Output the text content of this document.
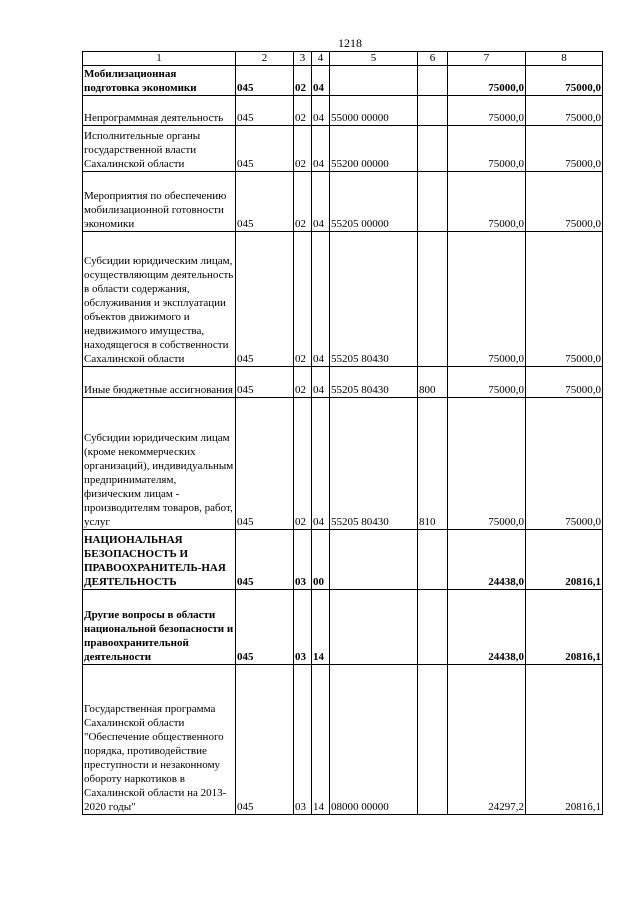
1218
1	2	3	4	5	6	7	8
Мобилизационная подготовка экономики	045	02	04			75000,0	75000,0
Непрограммная деятельность	045	02	04	55000 00000		75000,0	75000,0
Исполнительные органы государственной власти Сахалинской области	045	02	04	55200 00000		75000,0	75000,0
Мероприятия по обеспечению мобилизационной готовности экономики	045	02	04	55205 00000		75000,0	75000,0
Субсидии юридическим лицам, осуществляющим деятельность в области содержания, обслуживания и эксплуатации объектов движимого и недвижимого имущества, находящегося в собственности Сахалинской области	045	02	04	55205 80430		75000,0	75000,0
Иные бюджетные ассигнования	045	02	04	55205 80430	800	75000,0	75000,0
Субсидии юридическим лицам (кроме некоммерческих организаций), индивидуальным предпринимателям, физическим лицам - производителям товаров, работ, услуг	045	02	04	55205 80430	810	75000,0	75000,0
НАЦИОНАЛЬНАЯ БЕЗОПАСНОСТЬ И ПРАВООХРАНИТЕЛЬ-НАЯ ДЕЯТЕЛЬНОСТЬ	045	03	00			24438,0	20816,1
Другие вопросы в области национальной безопасности и правоохранительной деятельности	045	03	14			24438,0	20816,1
Государственная программа Сахалинской области "Обеспечение общественного порядка, противодействие преступности и незаконному обороту наркотиков в Сахалинской области на 2013-2020 годы"	045	03	14	08000 00000		24297,2	20816,1
